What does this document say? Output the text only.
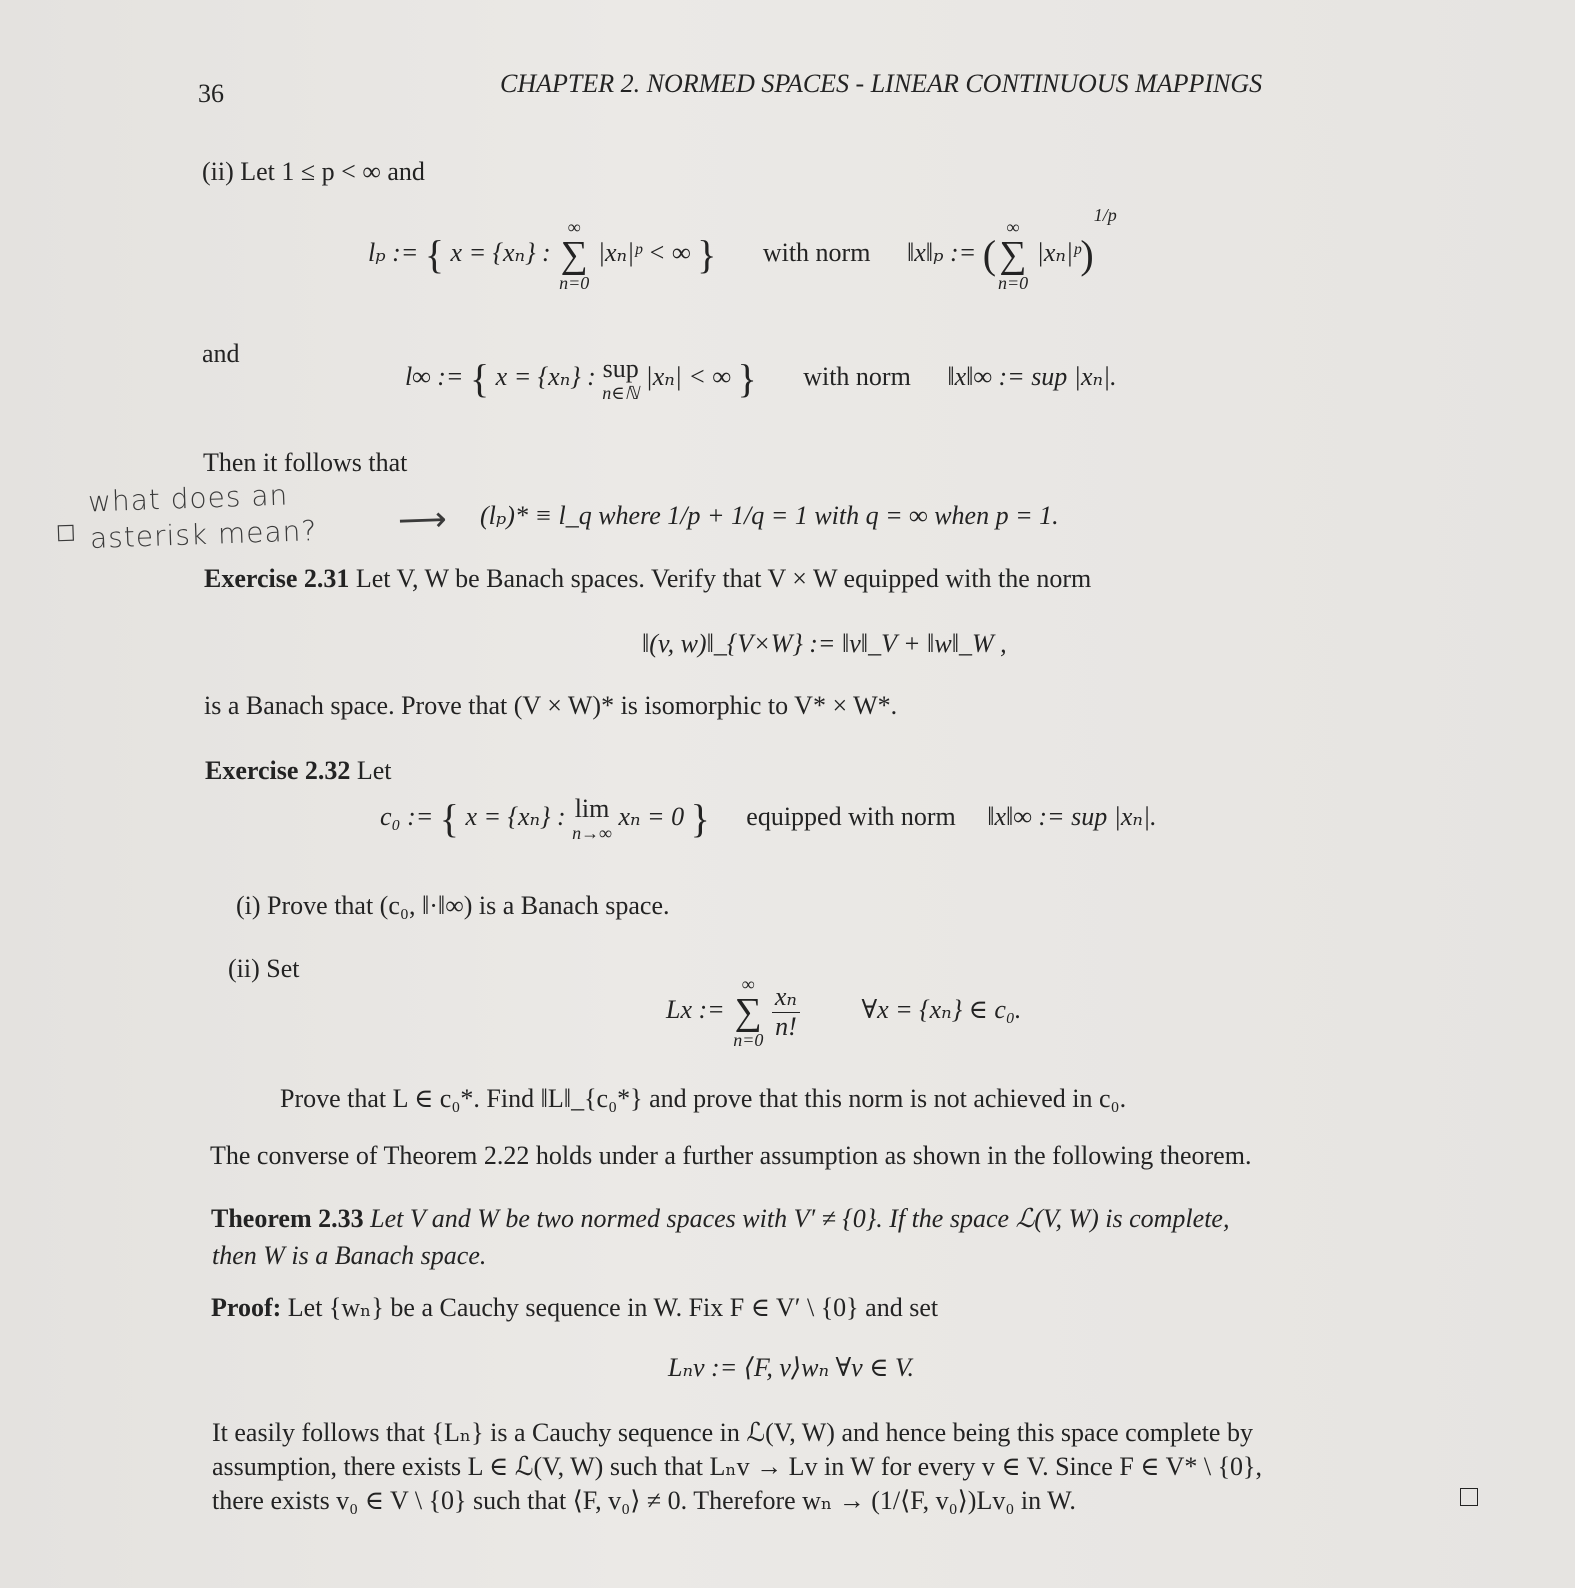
36	CHAPTER 2. NORMED SPACES - LINEAR CONTINUOUS MAPPINGS
(ii) Let 1 ≤ p < ∞ and
lₚ := { x = {xₙ} :
∞
∑
n=0
|xₙ|ᵖ < ∞ } with norm ‖x‖ₚ := (
∞
∑
n=0
|xₙ|ᵖ)$^{1/p}$
and
l∞ := { x = {xₙ} : sup
n∈ℕ
|xₙ| < ∞ } with norm ‖x‖∞ := sup |xₙ|.
Then it follows that
what does an
☐ asterisk mean? ⟶ (lₚ)* ≡ l_q where 1/p + 1/q = 1 with q = ∞ when p = 1.
Exercise 2.31 Let V, W be Banach spaces. Verify that V × W equipped with the norm
‖(v, w)‖_{V×W} := ‖v‖_V + ‖w‖_W ,
is a Banach space. Prove that (V × W)* is isomorphic to V* × W*.
Exercise 2.32 Let
c₀ := { x = {xₙ} : lim
n→∞
xₙ = 0 } equipped with norm ‖x‖∞ := sup |xₙ|.
(i) Prove that (c₀, ‖·‖∞) is a Banach space.
(ii) Set
Lx :=
∞
∑
n=0
$\frac{\text{xₙ}}{n!}$ ∀x = {xₙ} ∈ c₀.
Prove that L ∈ c₀*. Find ‖L‖_{c₀*} and prove that this norm is not achieved in c₀.
The converse of Theorem 2.22 holds under a further assumption as shown in the following theorem.
Theorem 2.33 Let V and W be two normed spaces with V′ ≠ {0}. If the space ℒ(V, W) is complete,
then W is a Banach space.
Proof: Let {wₙ} be a Cauchy sequence in W. Fix F ∈ V′ \ {0} and set
Lₙv := ⟨F, v⟩wₙ ∀v ∈ V.
It easily follows that {Lₙ} is a Cauchy sequence in ℒ(V, W) and hence being this space complete by
assumption, there exists L ∈ ℒ(V, W) such that Lₙv → Lv in W for every v ∈ V. Since F ∈ V* \ {0},
there exists v₀ ∈ V \ {0} such that ⟨F, v₀⟩ ≠ 0. Therefore wₙ → (1/⟨F, v₀⟩)Lv₀ in W.
